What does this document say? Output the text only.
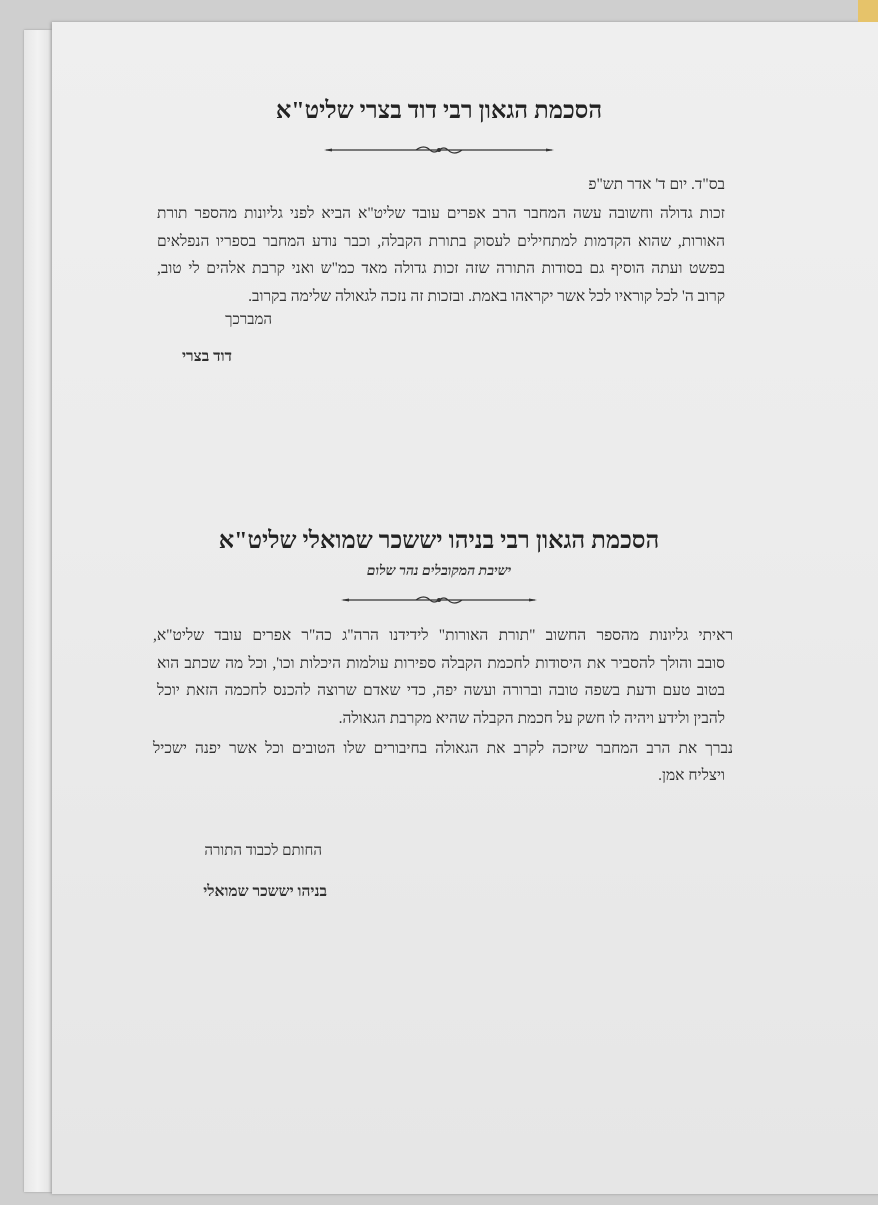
הסכמת הגאון רבי דוד בצרי שליט"א
בס"ד. יום ד' אדר תש"פ
זכות גדולה וחשובה עשה המחבר הרב אפרים עובד שליט"א הביא לפני גליונות מהספר תורת
האורות, שהוא הקדמות למתחילים לעסוק בתורת הקבלה, וכבר נודע המחבר בספריו הנפלאים
בפשט ועתה הוסיף גם בסודות התורה שזה זכות גדולה מאד כמ"ש ואני קרבת אלהים לי טוב,
קרוב ה' לכל קוראיו לכל אשר יקראהו באמת. ובזכות זה נזכה לגאולה שלימה בקרוב.
המברכך
דוד בצרי
הסכמת הגאון רבי בניהו יששכר שמואלי שליט"א
ישיבת המקובלים נהר שלום
ראיתי גליונות מהספר החשוב "תורת האורות" לידידנו הרה"ג כה"ר אפרים עובד שליט"א,
סובב והולך להסביר את היסודות לחכמת הקבלה ספירות עולמות היכלות וכו', וכל מה שכתב הוא
בטוב טעם ודעת בשפה טובה וברורה ועשה יפה, כדי שאדם שרוצה להכנס לחכמה הזאת יוכל
להבין ולידע ויהיה לו חשק על חכמת הקבלה שהיא מקרבת הגאולה.
נברך את הרב המחבר שיזכה לקרב את הגאולה בחיבורים שלו הטובים וכל אשר יפנה ישכיל
ויצליח אמן.
החותם לכבוד התורה
בניהו יששכר שמואלי
